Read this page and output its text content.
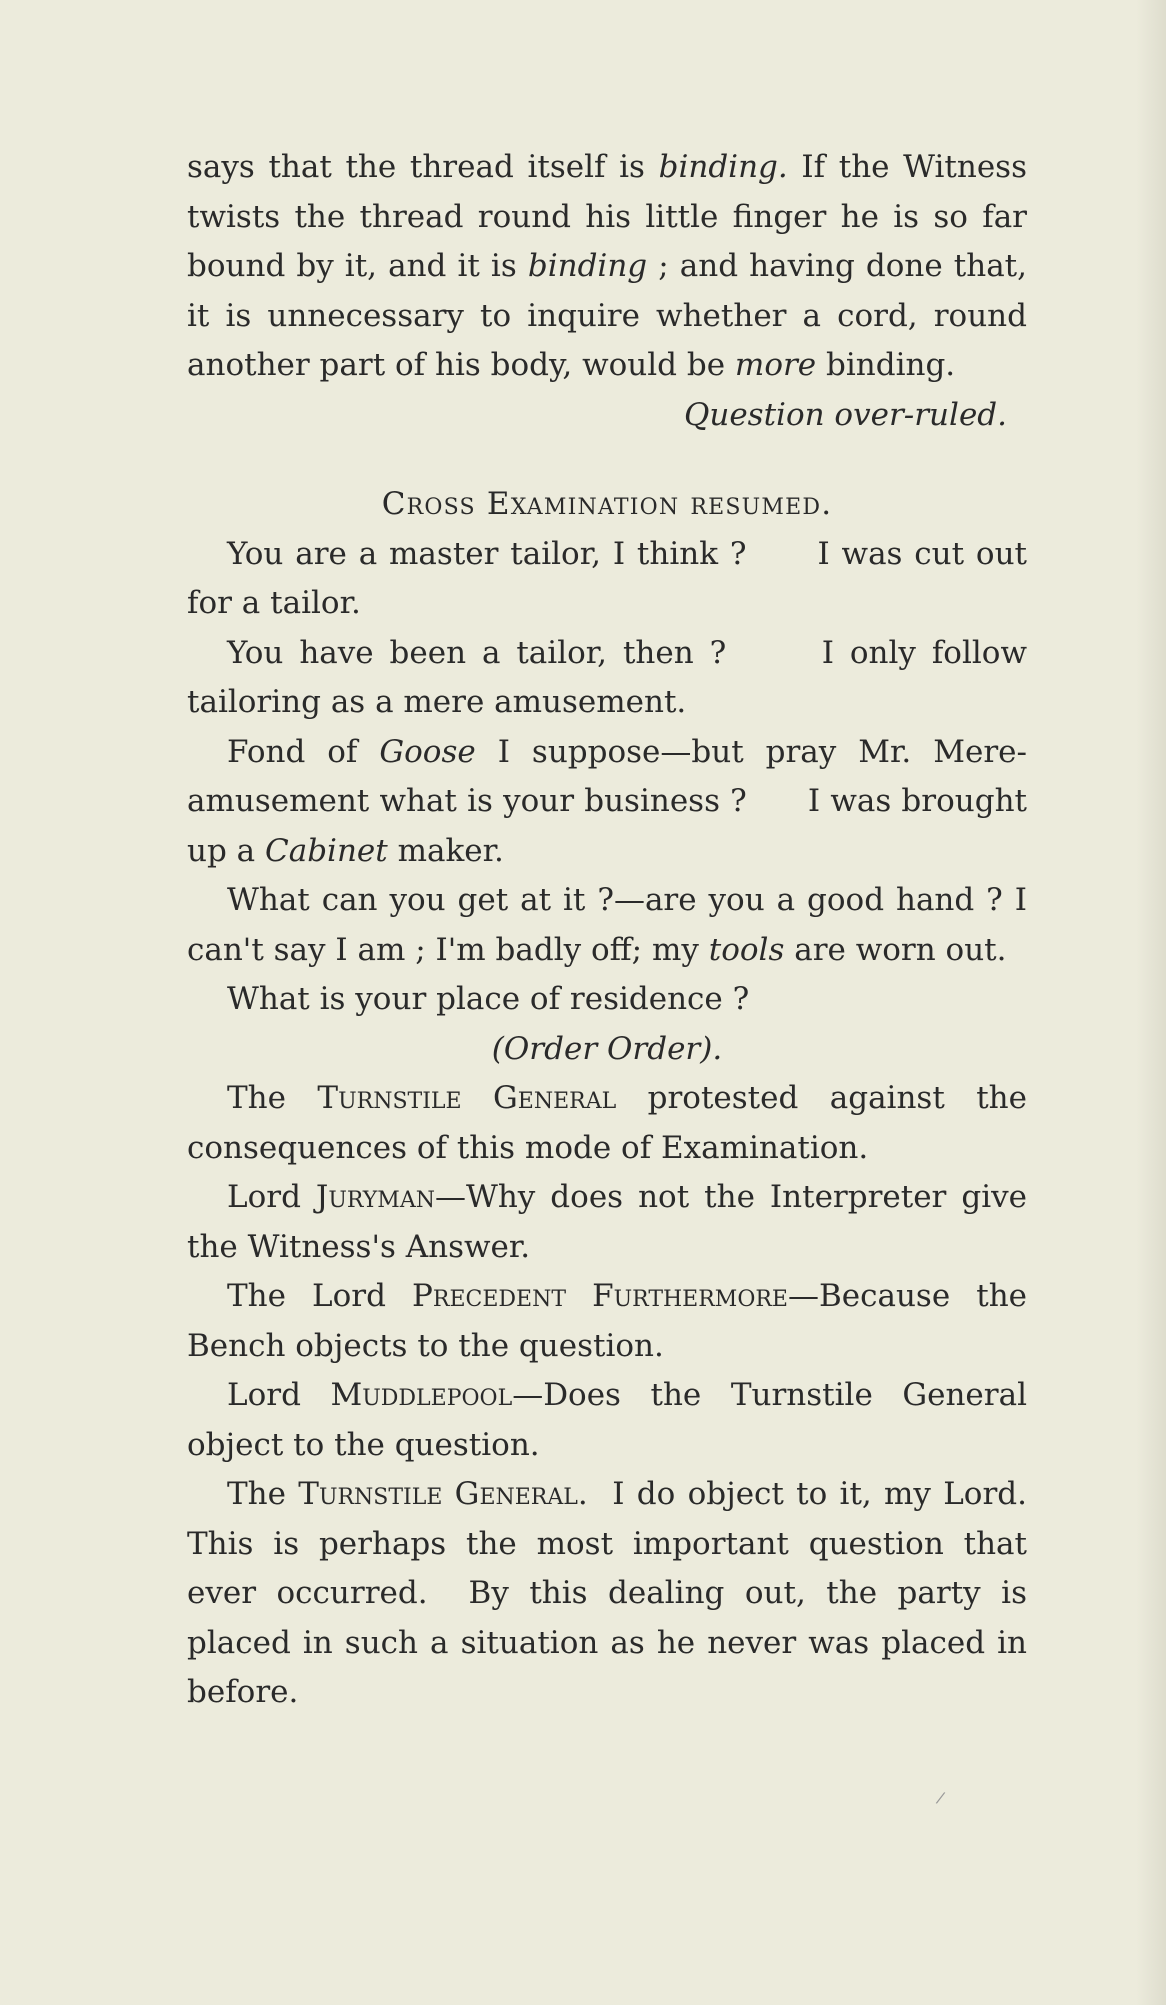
says that the thread itself is binding. If the Witness twists the thread round his little finger he is so far bound by it, and it is binding ; and having done that, it is unnecessary to inquire whether a cord, round another part of his body, would be more binding.

Question over-ruled.

Cross Examination resumed.

You are a master tailor, I think ?      I was cut out for a tailor.

You have been a tailor, then ?      I only follow tailoring as a mere amusement.

Fond of Goose I suppose—but pray Mr. Mere-amusement what is your business ?      I was brought up a Cabinet maker.

What can you get at it ?—are you a good hand ? I can't say I am ; I'm badly off; my tools are worn out.

What is your place of residence ?

(Order Order).

The Turnstile General protested against the consequences of this mode of Examination.

Lord Juryman—Why does not the Interpreter give the Witness's Answer.

The Lord Precedent Furthermore—Because the Bench objects to the question.

Lord Muddlepool—Does the Turnstile General object to the question.

The Turnstile General.  I do object to it, my Lord.  This is perhaps the most important question that ever occurred.  By this dealing out, the party is placed in such a situation as he never was placed in before.

/
